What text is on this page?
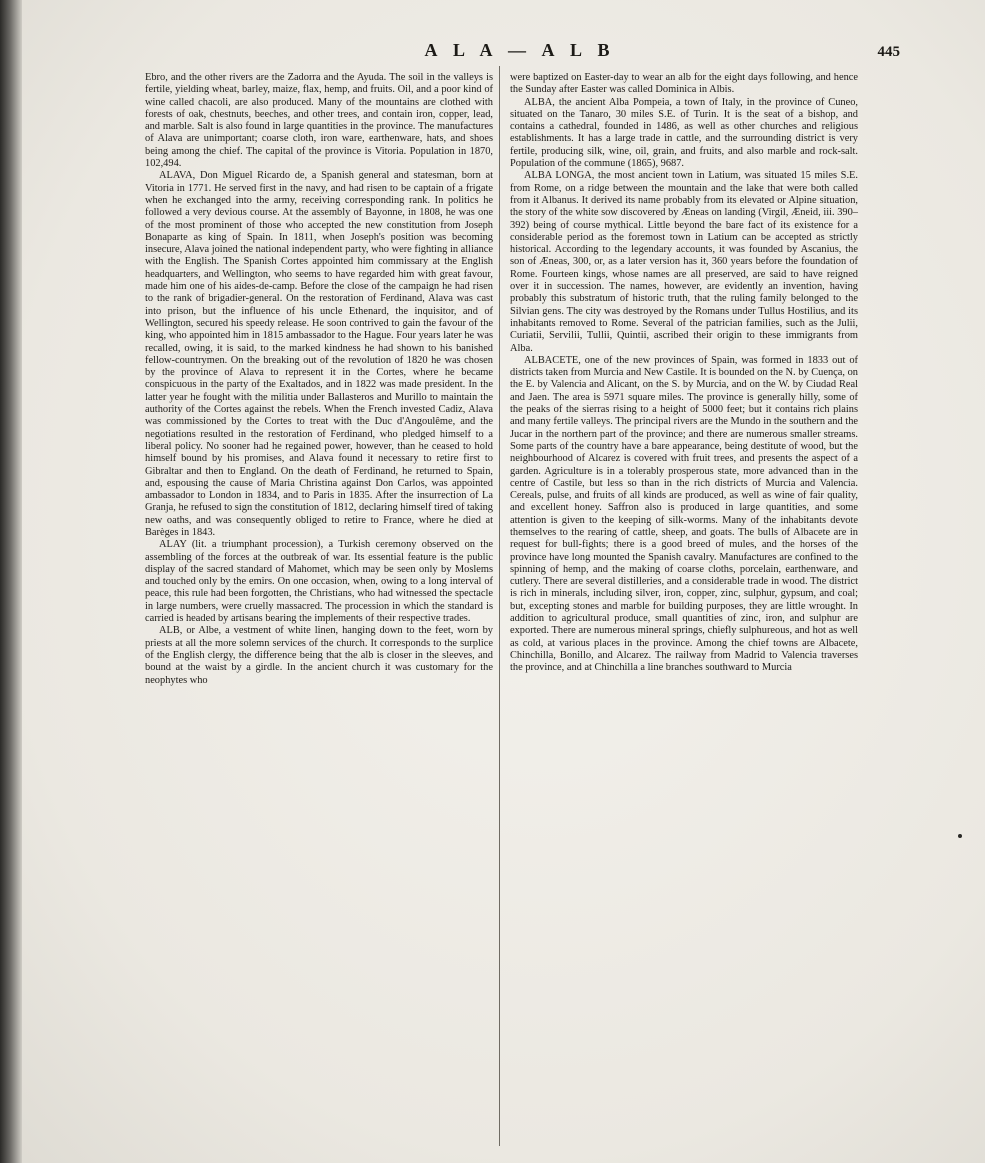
A L A — A L B	445

Ebro, and the other rivers are the Zadorra and the Ayuda. The soil in the valleys is fertile, yielding wheat, barley, maize, flax, hemp, and fruits. Oil, and a poor kind of wine called chacoli, are also produced. Many of the mountains are clothed with forests of oak, chestnuts, beeches, and other trees, and contain iron, copper, lead, and marble. Salt is also found in large quantities in the province. The manufactures of Alava are unimportant; coarse cloth, iron ware, earthenware, hats, and shoes being among the chief. The capital of the province is Vitoria. Population in 1870, 102,494.

ALAVA, Don Miguel Ricardo de, a Spanish general and statesman, born at Vitoria in 1771. He served first in the navy, and had risen to be captain of a frigate when he exchanged into the army, receiving corresponding rank. In politics he followed a very devious course. At the assembly of Bayonne, in 1808, he was one of the most prominent of those who accepted the new constitution from Joseph Bonaparte as king of Spain. In 1811, when Joseph's position was becoming insecure, Alava joined the national independent party, who were fighting in alliance with the English. The Spanish Cortes appointed him commissary at the English headquarters, and Wellington, who seems to have regarded him with great favour, made him one of his aides-de-camp. Before the close of the campaign he had risen to the rank of brigadier-general. On the restoration of Ferdinand, Alava was cast into prison, but the influence of his uncle Ethenard, the inquisitor, and of Wellington, secured his speedy release. He soon contrived to gain the favour of the king, who appointed him in 1815 ambassador to the Hague. Four years later he was recalled, owing, it is said, to the marked kindness he had shown to his banished fellow-countrymen. On the breaking out of the revolution of 1820 he was chosen by the province of Alava to represent it in the Cortes, where he became conspicuous in the party of the Exaltados, and in 1822 was made president. In the latter year he fought with the militia under Ballasteros and Murillo to maintain the authority of the Cortes against the rebels. When the French invested Cadiz, Alava was commissioned by the Cortes to treat with the Duc d'Angoulême, and the negotiations resulted in the restoration of Ferdinand, who pledged himself to a liberal policy. No sooner had he regained power, however, than he ceased to hold himself bound by his promises, and Alava found it necessary to retire first to Gibraltar and then to England. On the death of Ferdinand, he returned to Spain, and, espousing the cause of Maria Christina against Don Carlos, was appointed ambassador to London in 1834, and to Paris in 1835. After the insurrection of La Granja, he refused to sign the constitution of 1812, declaring himself tired of taking new oaths, and was consequently obliged to retire to France, where he died at Barèges in 1843.

ALAY (lit. a triumphant procession), a Turkish ceremony observed on the assembling of the forces at the outbreak of war. Its essential feature is the public display of the sacred standard of Mahomet, which may be seen only by Moslems and touched only by the emirs. On one occasion, when, owing to a long interval of peace, this rule had been forgotten, the Christians, who had witnessed the spectacle in large numbers, were cruelly massacred. The procession in which the standard is carried is headed by artisans bearing the implements of their respective trades.

ALB, or Albe, a vestment of white linen, hanging down to the feet, worn by priests at all the more solemn services of the church. It corresponds to the surplice of the English clergy, the difference being that the alb is closer in the sleeves, and bound at the waist by a girdle. In the ancient church it was customary for the neophytes who

were baptized on Easter-day to wear an alb for the eight days following, and hence the Sunday after Easter was called Dominica in Albis.

ALBA, the ancient Alba Pompeia, a town of Italy, in the province of Cuneo, situated on the Tanaro, 30 miles S.E. of Turin. It is the seat of a bishop, and contains a cathedral, founded in 1486, as well as other churches and religious establishments. It has a large trade in cattle, and the surrounding district is very fertile, producing silk, wine, oil, grain, and fruits, and also marble and rock-salt. Population of the commune (1865), 9687.

ALBA LONGA, the most ancient town in Latium, was situated 15 miles S.E. from Rome, on a ridge between the mountain and the lake that were both called from it Albanus. It derived its name probably from its elevated or Alpine situation, the story of the white sow discovered by Æneas on landing (Virgil, Æneid, iii. 390–392) being of course mythical. Little beyond the bare fact of its existence for a considerable period as the foremost town in Latium can be accepted as strictly historical. According to the legendary accounts, it was founded by Ascanius, the son of Æneas, 300, or, as a later version has it, 360 years before the foundation of Rome. Fourteen kings, whose names are all preserved, are said to have reigned over it in succession. The names, however, are evidently an invention, having probably this substratum of historic truth, that the ruling family belonged to the Silvian gens. The city was destroyed by the Romans under Tullus Hostilius, and its inhabitants removed to Rome. Several of the patrician families, such as the Julii, Curiatii, Servilii, Tullii, Quintii, ascribed their origin to these immigrants from Alba.

ALBACETE, one of the new provinces of Spain, was formed in 1833 out of districts taken from Murcia and New Castile. It is bounded on the N. by Cuença, on the E. by Valencia and Alicant, on the S. by Murcia, and on the W. by Ciudad Real and Jaen. The area is 5971 square miles. The province is generally hilly, some of the peaks of the sierras rising to a height of 5000 feet; but it contains rich plains and many fertile valleys. The principal rivers are the Mundo in the southern and the Jucar in the northern part of the province; and there are numerous smaller streams. Some parts of the country have a bare appearance, being destitute of wood, but the neighbourhood of Alcarez is covered with fruit trees, and presents the aspect of a garden. Agriculture is in a tolerably prosperous state, more advanced than in the centre of Castile, but less so than in the rich districts of Murcia and Valencia. Cereals, pulse, and fruits of all kinds are produced, as well as wine of fair quality, and excellent honey. Saffron also is produced in large quantities, and some attention is given to the keeping of silk-worms. Many of the inhabitants devote themselves to the rearing of cattle, sheep, and goats. The bulls of Albacete are in request for bull-fights; there is a good breed of mules, and the horses of the province have long mounted the Spanish cavalry. Manufactures are confined to the spinning of hemp, and the making of coarse cloths, porcelain, earthenware, and cutlery. There are several distilleries, and a considerable trade in wood. The district is rich in minerals, including silver, iron, copper, zinc, sulphur, gypsum, and coal; but, excepting stones and marble for building purposes, they are little wrought. In addition to agricultural produce, small quantities of zinc, iron, and sulphur are exported. There are numerous mineral springs, chiefly sulphureous, and hot as well as cold, at various places in the province. Among the chief towns are Albacete, Chinchilla, Bonillo, and Alcarez. The railway from Madrid to Valencia traverses the province, and at Chinchilla a line branches southward to Murcia
